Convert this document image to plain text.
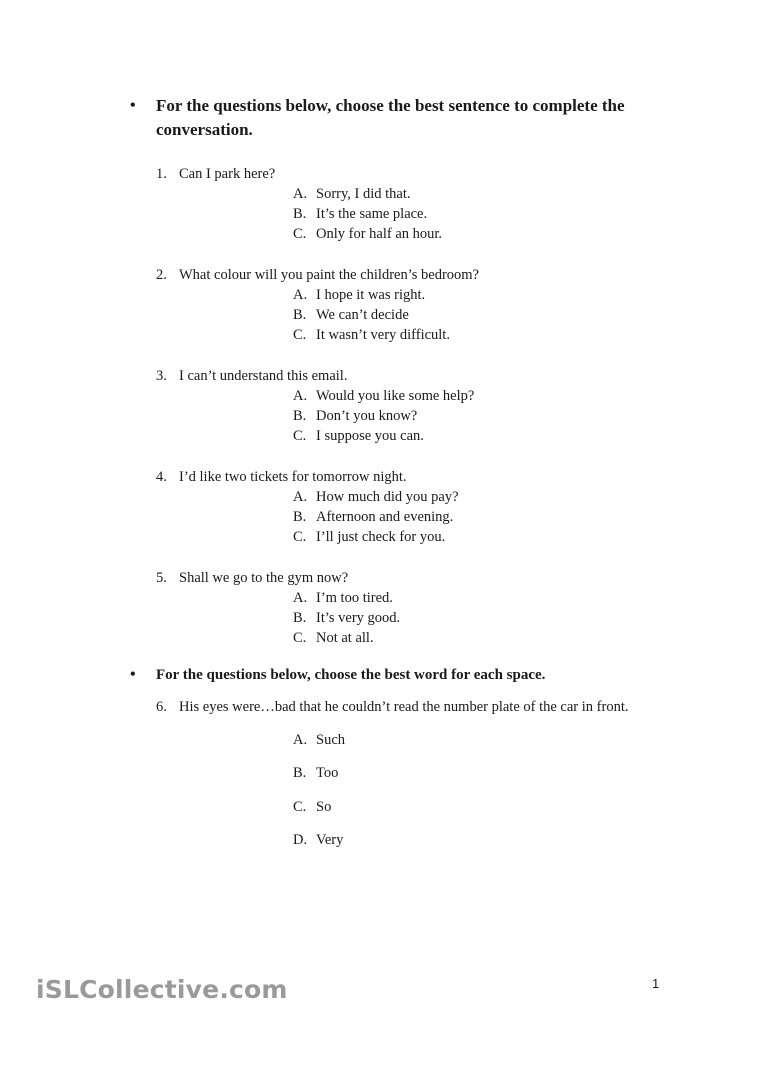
• For the questions below, choose the best sentence to complete the conversation.
1. Can I park here?
A. Sorry, I did that.
B. It’s the same place.
C. Only for half an hour.
2. What colour will you paint the children’s bedroom?
A. I hope it was right.
B. We can’t decide
C. It wasn’t very difficult.
3. I can’t understand this email.
A. Would you like some help?
B. Don’t you know?
C. I suppose you can.
4. I’d like two tickets for tomorrow night.
A. How much did you pay?
B. Afternoon and evening.
C. I’ll just check for you.
5. Shall we go to the gym now?
A. I’m too tired.
B. It’s very good.
C. Not at all.
• For the questions below, choose the best word for each space.
6. His eyes were…bad that he couldn’t read the number plate of the car in front.
A. Such
B. Too
C. So
D. Very
iSLCollective.com	1
